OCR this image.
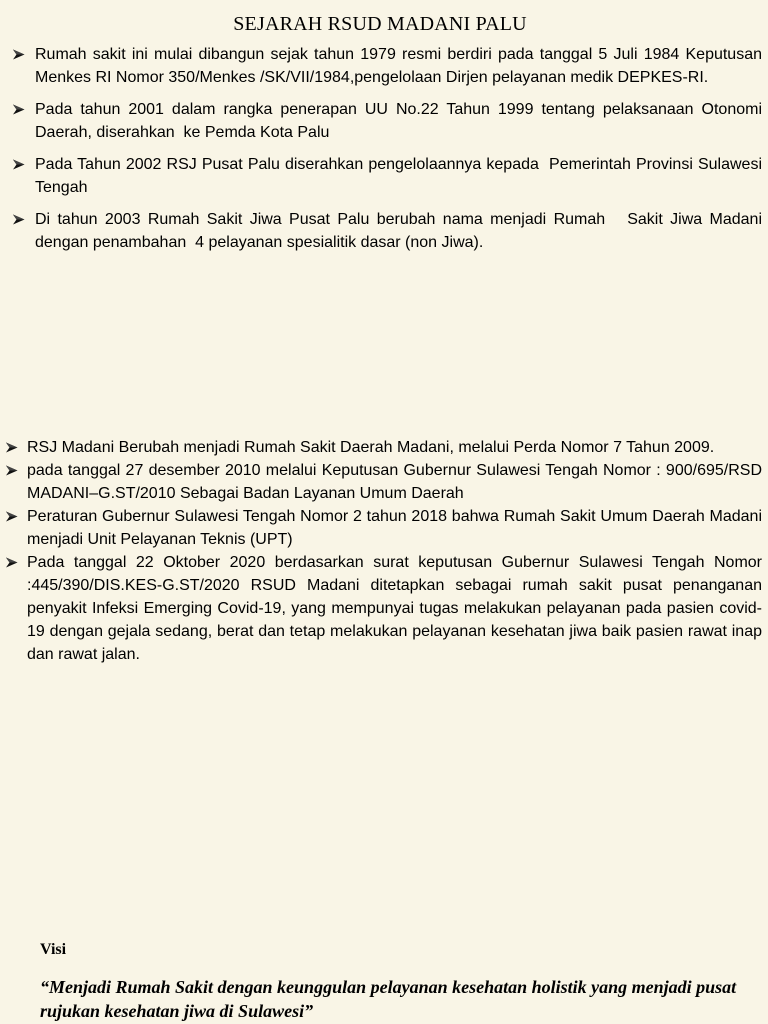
SEJARAH RSUD MADANI PALU
Rumah sakit ini mulai dibangun sejak tahun 1979 resmi berdiri pada tanggal 5 Juli 1984 Keputusan Menkes RI Nomor 350/Menkes /SK/VII/1984,pengelolaan Dirjen pelayanan medik DEPKES-RI.
Pada tahun 2001 dalam rangka penerapan UU No.22 Tahun 1999 tentang pelaksanaan Otonomi Daerah, diserahkan  ke Pemda Kota Palu
Pada Tahun 2002 RSJ Pusat Palu diserahkan pengelolaannya kepada  Pemerintah Provinsi Sulawesi Tengah
Di tahun 2003 Rumah Sakit Jiwa Pusat Palu berubah nama menjadi Rumah   Sakit Jiwa Madani dengan penambahan  4 pelayanan spesialitik dasar (non Jiwa).
RSJ Madani Berubah menjadi Rumah Sakit Daerah Madani, melalui Perda Nomor 7 Tahun 2009.
pada tanggal 27 desember 2010 melalui Keputusan Gubernur Sulawesi Tengah Nomor : 900/695/RSD MADANI–G.ST/2010 Sebagai Badan Layanan Umum Daerah
Peraturan Gubernur Sulawesi Tengah Nomor 2 tahun 2018 bahwa Rumah Sakit Umum Daerah Madani menjadi Unit Pelayanan Teknis (UPT)
Pada tanggal 22 Oktober 2020 berdasarkan surat keputusan Gubernur Sulawesi Tengah Nomor :445/390/DIS.KES-G.ST/2020 RSUD Madani ditetapkan sebagai rumah sakit pusat penanganan penyakit Infeksi Emerging Covid-19, yang mempunyai tugas melakukan pelayanan pada pasien covid-19 dengan gejala sedang, berat dan tetap melakukan pelayanan kesehatan jiwa baik pasien rawat inap dan rawat jalan.
Visi

“Menjadi Rumah Sakit dengan keunggulan pelayanan kesehatan holistik yang menjadi pusat rujukan kesehatan jiwa di Sulawesi”
